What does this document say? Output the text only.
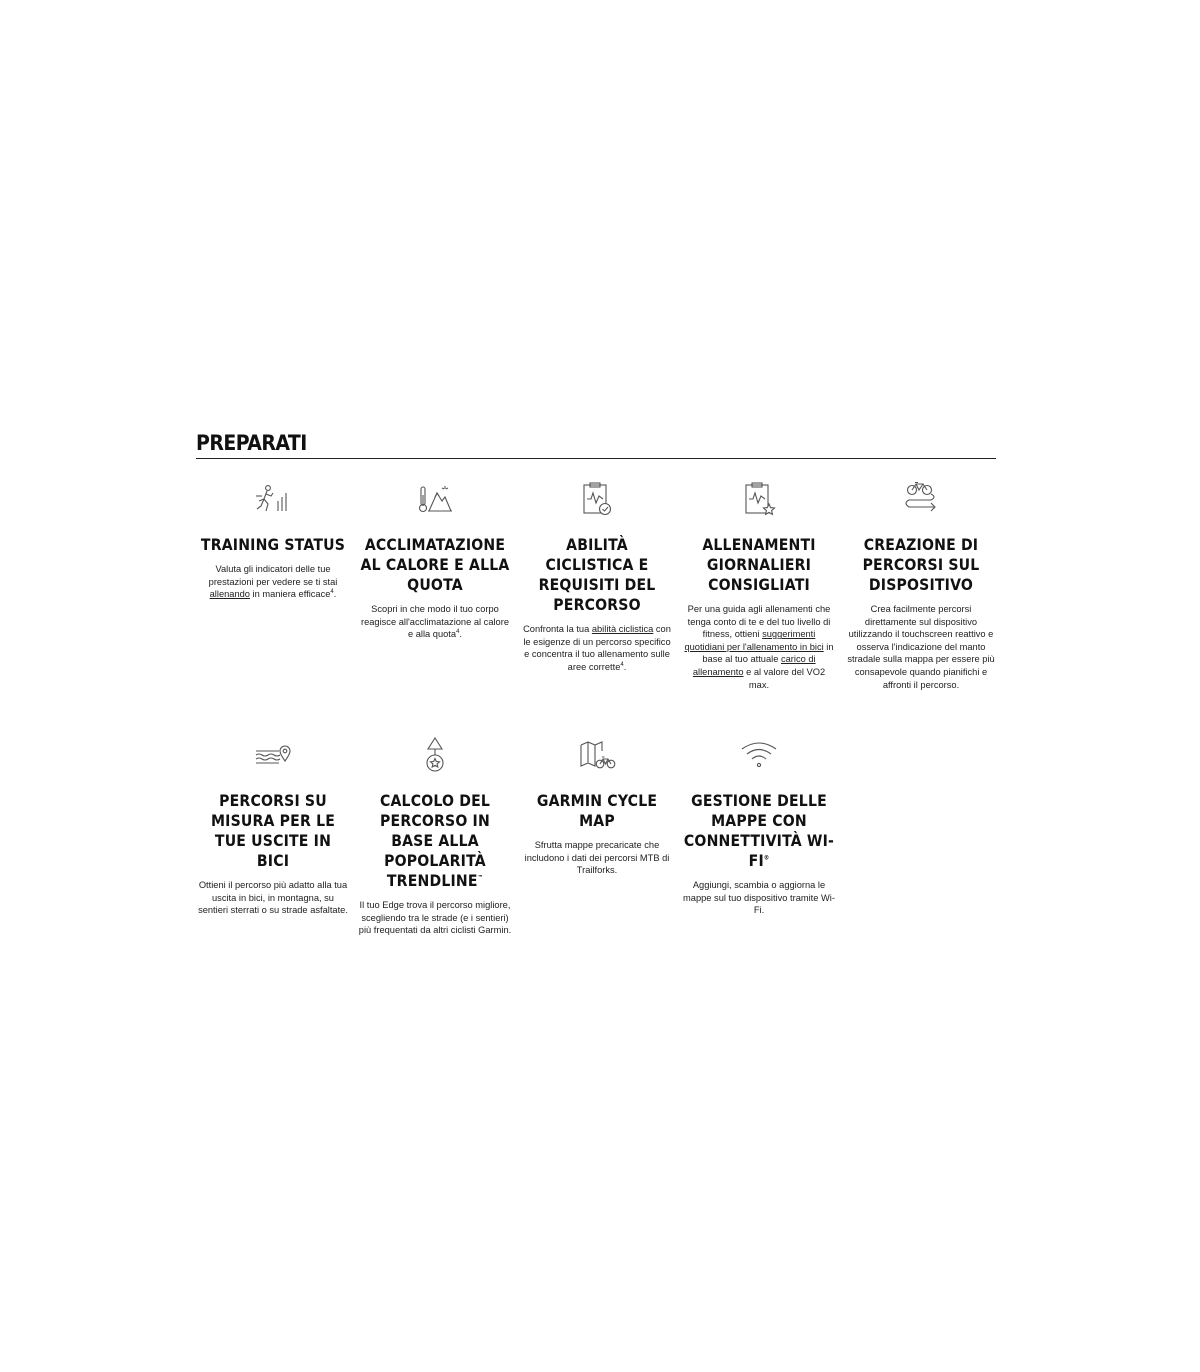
PREPARATI
TRAINING STATUS

Valuta gli indicatori delle tue prestazioni per vedere se ti stai allenando in maniera efficace$^4$.

ACCLIMATAZIONE AL CALORE E ALLA QUOTA

Scopri in che modo il tuo corpo reagisce all'acclimatazione al calore e alla quota$^4$.

ABILITÀ CICLISTICA E REQUISITI DEL PERCORSO

Confronta la tua abilità ciclistica con le esigenze di un percorso specifico e concentra il tuo allenamento sulle aree corrette$^4$.

ALLENAMENTI GIORNALIERI CONSIGLIATI

Per una guida agli allenamenti che tenga conto di te e del tuo livello di fitness, ottieni suggerimenti quotidiani per l'allenamento in bici in base al tuo attuale carico di allenamento e al valore del VO2 max.

CREAZIONE DI PERCORSI SUL DISPOSITIVO

Crea facilmente percorsi direttamente sul dispositivo utilizzando il touchscreen reattivo e osserva l'indicazione del manto stradale sulla mappa per essere più consapevole quando pianifichi e affronti il percorso.

PERCORSI SU MISURA PER LE TUE USCITE IN BICI

Ottieni il percorso più adatto alla tua uscita in bici, in montagna, su sentieri sterrati o su strade asfaltate.

CALCOLO DEL PERCORSO IN BASE ALLA POPOLARITÀ TRENDLINE™

Il tuo Edge trova il percorso migliore, scegliendo tra le strade (e i sentieri) più frequentati da altri ciclisti Garmin.

GARMIN CYCLE MAP

Sfrutta mappe precaricate che includono i dati dei percorsi MTB di Trailforks.

GESTIONE DELLE MAPPE CON CONNETTIVITÀ WI-FI®

Aggiungi, scambia o aggiorna le mappe sul tuo dispositivo tramite Wi-Fi.
